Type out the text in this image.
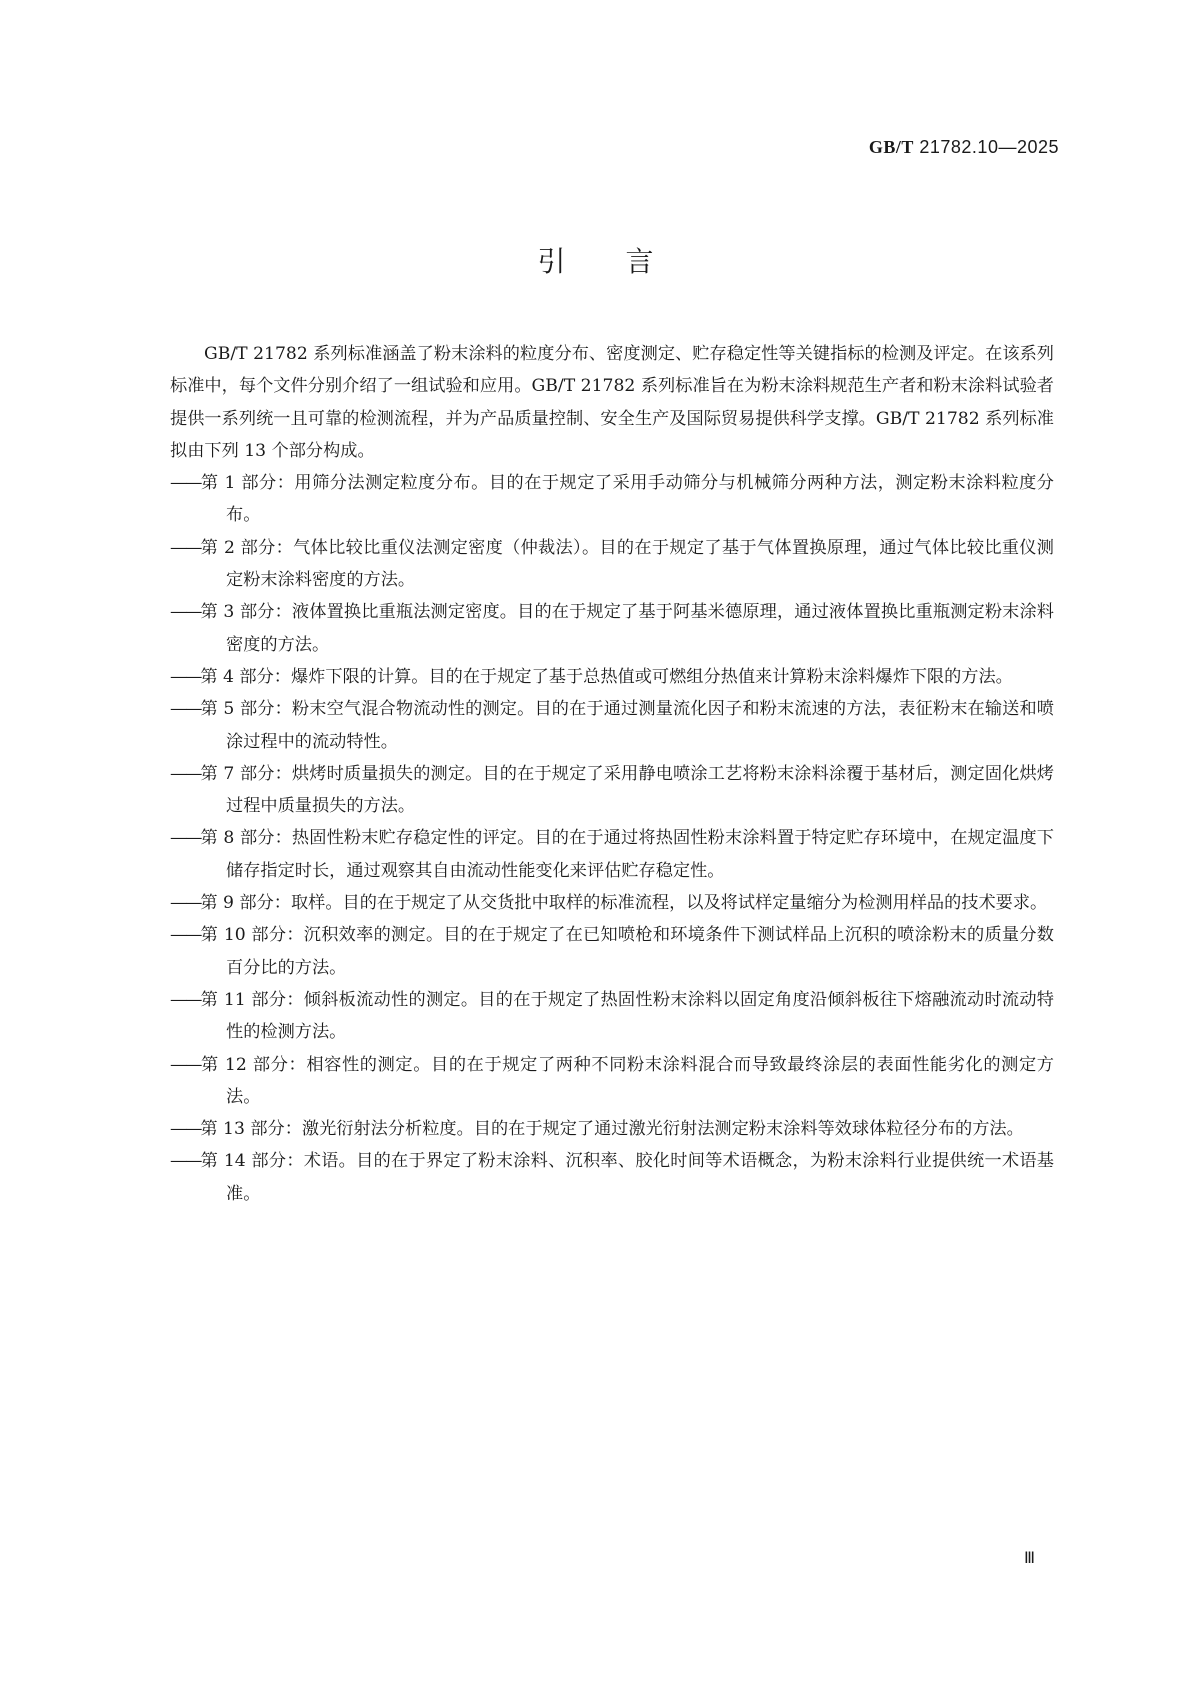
GB/T 21782.10—2025
引言

GB/T 21782 系列标准涵盖了粉末涂料的粒度分布、密度测定、贮存稳定性等关键指标的检测及评定。在该系列标准中，每个文件分别介绍了一组试验和应用。GB/T 21782 系列标准旨在为粉末涂料规范生产者和粉末涂料试验者提供一系列统一且可靠的检测流程，并为产品质量控制、安全生产及国际贸易提供科学支撑。GB/T 21782 系列标准拟由下列 13 个部分构成。

——第 1 部分：用筛分法测定粒度分布。目的在于规定了采用手动筛分与机械筛分两种方法，测定粉末涂料粒度分布。

——第 2 部分：气体比较比重仪法测定密度（仲裁法）。目的在于规定了基于气体置换原理，通过气体比较比重仪测定粉末涂料密度的方法。

——第 3 部分：液体置换比重瓶法测定密度。目的在于规定了基于阿基米德原理，通过液体置换比重瓶测定粉末涂料密度的方法。

——第 4 部分：爆炸下限的计算。目的在于规定了基于总热值或可燃组分热值来计算粉末涂料爆炸下限的方法。

——第 5 部分：粉末空气混合物流动性的测定。目的在于通过测量流化因子和粉末流速的方法，表征粉末在输送和喷涂过程中的流动特性。

——第 7 部分：烘烤时质量损失的测定。目的在于规定了采用静电喷涂工艺将粉末涂料涂覆于基材后，测定固化烘烤过程中质量损失的方法。

——第 8 部分：热固性粉末贮存稳定性的评定。目的在于通过将热固性粉末涂料置于特定贮存环境中，在规定温度下储存指定时长，通过观察其自由流动性能变化来评估贮存稳定性。

——第 9 部分：取样。目的在于规定了从交货批中取样的标准流程，以及将试样定量缩分为检测用样品的技术要求。

——第 10 部分：沉积效率的测定。目的在于规定了在已知喷枪和环境条件下测试样品上沉积的喷涂粉末的质量分数百分比的方法。

——第 11 部分：倾斜板流动性的测定。目的在于规定了热固性粉末涂料以固定角度沿倾斜板往下熔融流动时流动特性的检测方法。

——第 12 部分：相容性的测定。目的在于规定了两种不同粉末涂料混合而导致最终涂层的表面性能劣化的测定方法。

——第 13 部分：激光衍射法分析粒度。目的在于规定了通过激光衍射法测定粉末涂料等效球体粒径分布的方法。

——第 14 部分：术语。目的在于界定了粉末涂料、沉积率、胶化时间等术语概念，为粉末涂料行业提供统一术语基准。

Ⅲ
